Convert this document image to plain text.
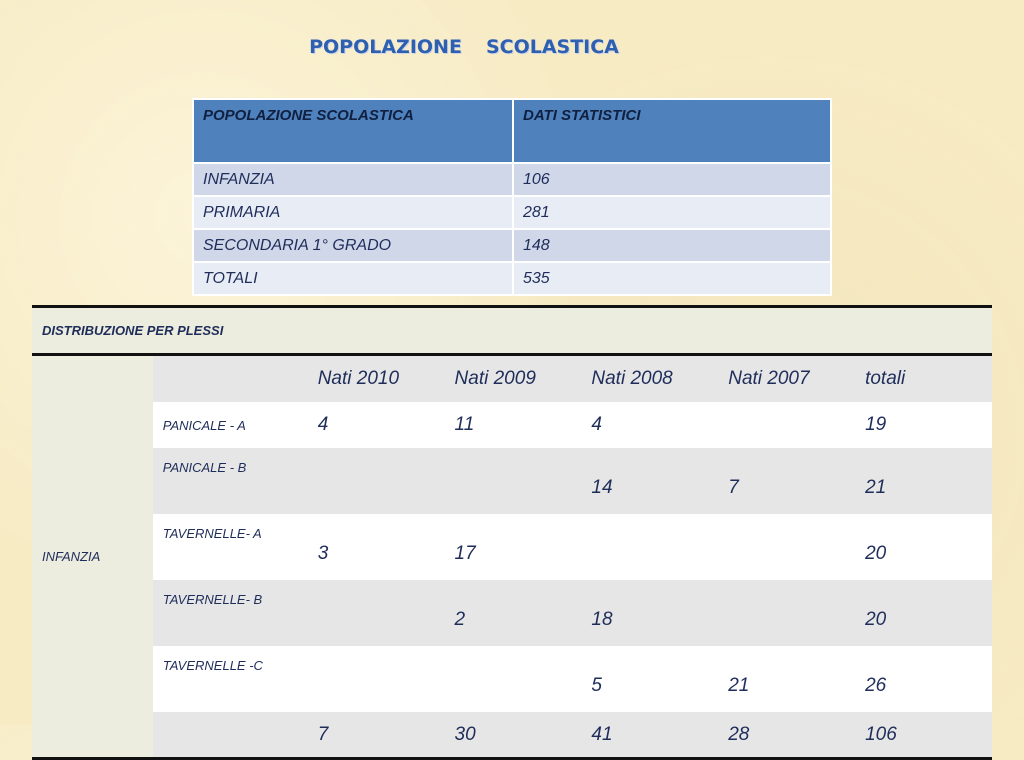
POPOLAZIONE SCOLASTICA
POPOLAZIONE SCOLASTICA	DATI STATISTICI
INFANZIA	106
PRIMARIA	281
SECONDARIA 1° GRADO	148
TOTALI	535
DISTRIBUZIONE PER PLESSI						
INFANZIA		Nati 2010	Nati 2009	Nati 2008	Nati 2007	totali
	PANICALE - A	4	11	4		19
	PANICALE - B			14	7	21
	TAVERNELLE- A	3	17			20
	TAVERNELLE- B		2	18		20
	TAVERNELLE -C			5	21	26
		7	30	41	28	106
